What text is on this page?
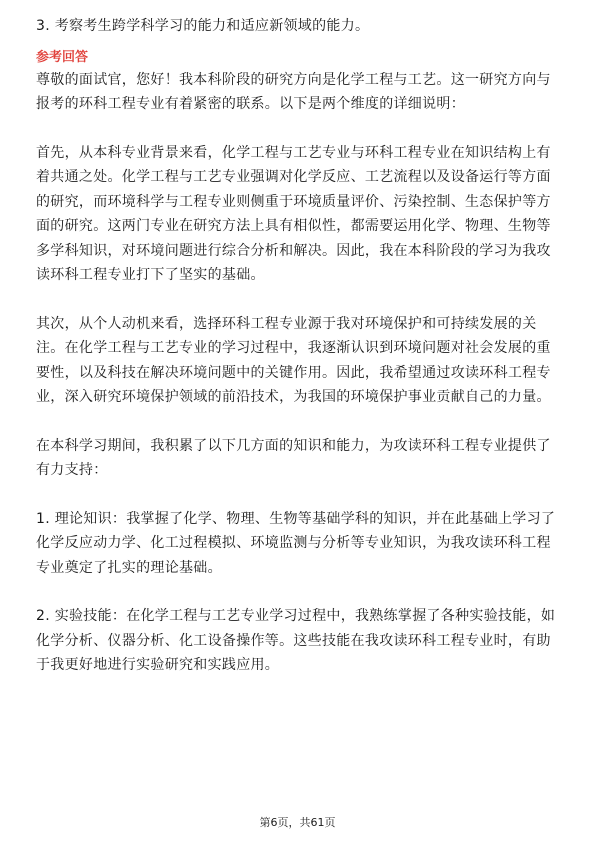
3. 考察考生跨学科学习的能力和适应新领域的能力。
参考回答
尊敬的面试官，您好！我本科阶段的研究方向是化学工程与工艺。这一研究方向与
报考的环科工程专业有着紧密的联系。以下是两个维度的详细说明：
首先，从本科专业背景来看，化学工程与工艺专业与环科工程专业在知识结构上有
着共通之处。化学工程与工艺专业强调对化学反应、工艺流程以及设备运行等方面
的研究，而环境科学与工程专业则侧重于环境质量评价、污染控制、生态保护等方
面的研究。这两门专业在研究方法上具有相似性，都需要运用化学、物理、生物等
多学科知识，对环境问题进行综合分析和解决。因此，我在本科阶段的学习为我攻
读环科工程专业打下了坚实的基础。
其次，从个人动机来看，选择环科工程专业源于我对环境保护和可持续发展的关
注。在化学工程与工艺专业的学习过程中，我逐渐认识到环境问题对社会发展的重
要性，以及科技在解决环境问题中的关键作用。因此，我希望通过攻读环科工程专
业，深入研究环境保护领域的前沿技术，为我国的环境保护事业贡献自己的力量。
在本科学习期间，我积累了以下几方面的知识和能力，为攻读环科工程专业提供了
有力支持：
1. 理论知识：我掌握了化学、物理、生物等基础学科的知识，并在此基础上学习了
化学反应动力学、化工过程模拟、环境监测与分析等专业知识，为我攻读环科工程
专业奠定了扎实的理论基础。
2. 实验技能：在化学工程与工艺专业学习过程中，我熟练掌握了各种实验技能，如
化学分析、仪器分析、化工设备操作等。这些技能在我攻读环科工程专业时，有助
于我更好地进行实验研究和实践应用。
第6页，共61页
